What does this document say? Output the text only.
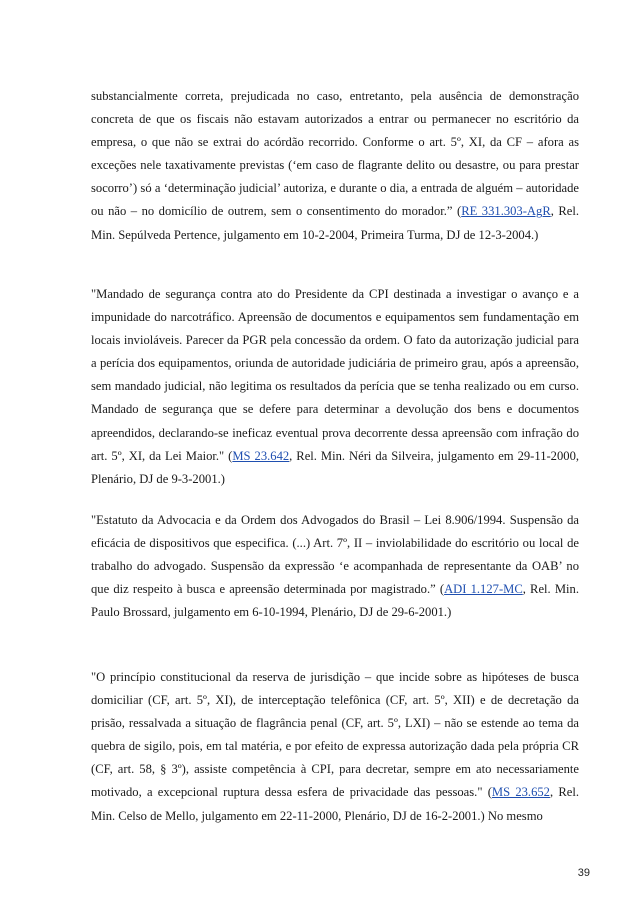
substancialmente correta, prejudicada no caso, entretanto, pela ausência de demonstração concreta de que os fiscais não estavam autorizados a entrar ou permanecer no escritório da empresa, o que não se extrai do acórdão recorrido. Conforme o art. 5º, XI, da CF – afora as exceções nele taxativamente previstas (‘em caso de flagrante delito ou desastre, ou para prestar socorro’) só a ‘determinação judicial’ autoriza, e durante o dia, a entrada de alguém – autoridade ou não – no domicílio de outrem, sem o consentimento do morador.” (RE 331.303-AgR, Rel. Min. Sepúlveda Pertence, julgamento em 10-2-2004, Primeira Turma, DJ de 12-3-2004.)

"Mandado de segurança contra ato do Presidente da CPI destinada a investigar o avanço e a impunidade do narcotráfico. Apreensão de documentos e equipamentos sem fundamentação em locais invioláveis. Parecer da PGR pela concessão da ordem. O fato da autorização judicial para a perícia dos equipamentos, oriunda de autoridade judiciária de primeiro grau, após a apreensão, sem mandado judicial, não legitima os resultados da perícia que se tenha realizado ou em curso. Mandado de segurança que se defere para determinar a devolução dos bens e documentos apreendidos, declarando-se ineficaz eventual prova decorrente dessa apreensão com infração do art. 5º, XI, da Lei Maior." (MS 23.642, Rel. Min. Néri da Silveira, julgamento em 29-11-2000, Plenário, DJ de 9-3-2001.)

"Estatuto da Advocacia e da Ordem dos Advogados do Brasil – Lei 8.906/1994. Suspensão da eficácia de dispositivos que especifica. (...) Art. 7º, II – inviolabilidade do escritório ou local de trabalho do advogado. Suspensão da expressão ‘e acompanhada de representante da OAB’ no que diz respeito à busca e apreensão determinada por magistrado.” (ADI 1.127-MC, Rel. Min. Paulo Brossard, julgamento em 6-10-1994, Plenário, DJ de 29-6-2001.)

"O princípio constitucional da reserva de jurisdição – que incide sobre as hipóteses de busca domiciliar (CF, art. 5º, XI), de interceptação telefônica (CF, art. 5º, XII) e de decretação da prisão, ressalvada a situação de flagrância penal (CF, art. 5º, LXI) – não se estende ao tema da quebra de sigilo, pois, em tal matéria, e por efeito de expressa autorização dada pela própria CR (CF, art. 58, § 3º), assiste competência à CPI, para decretar, sempre em ato necessariamente motivado, a excepcional ruptura dessa esfera de privacidade das pessoas." (MS 23.652, Rel. Min. Celso de Mello, julgamento em 22-11-2000, Plenário, DJ de 16-2-2001.) No mesmo

39
